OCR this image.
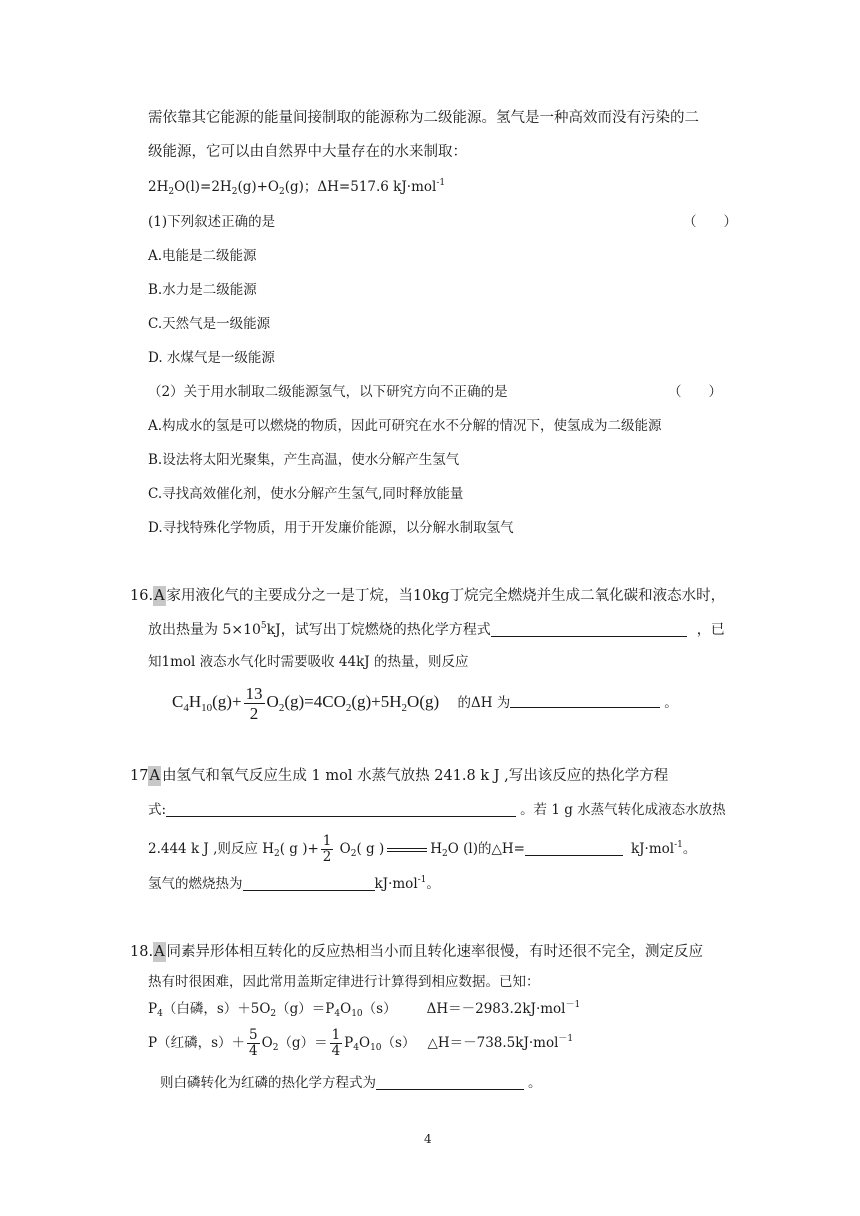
需依靠其它能源的能量间接制取的能源称为二级能源。氢气是一种高效而没有污染的二
级能源，它可以由自然界中大量存在的水来制取：
$2H_2O(l)=2H_2(g)+O_2(g)$；ΔH=517.6 kJ·mol$^{-1}$
(1)下列叙述正确的是	（　　）
A.电能是二级能源
B.水力是二级能源
C.天然气是一级能源
D. 水煤气是一级能源
（2）关于用水制取二级能源氢气，以下研究方向不正确的是	（　　）
A.构成水的氢是可以燃烧的物质，因此可研究在水不分解的情况下，使氢成为二级能源
B.设法将太阳光聚集，产生高温，使水分解产生氢气
C.寻找高效催化剂，使水分解产生氢气,同时释放能量
D.寻找特殊化学物质，用于开发廉价能源，以分解水制取氢气
16.A 家用液化气的主要成分之一是丁烷，当10kg丁烷完全燃烧并生成二氧化碳和液态水时，
放出热量为 $5\times 10^5kJ$，试写出丁烷燃烧的热化学方程式	，已
知1mol 液态水气化时需要吸收 44kJ 的热量，则反应
$C_4H_{10}(g)+ \frac{13}{2} O_2(g)=4CO_2(g)+5H_2O(g)$ 的ΔH 为	。
17A 由氢气和氧气反应生成 1 mol 水蒸气放热 241.8 k J ,写出该反应的热化学方程
式:	。若 1 g 水蒸气转化成液态水放热
2.444 k J ,则反应 $H_2$( g )+ $\frac{1}{2} O_2$( g )	$H_2O$ (l)的△H=	kJ·mol$^{-1}$。
氢气的燃烧热为	kJ·mol$^{-1}$。
18.A 同素异形体相互转化的反应热相当小而且转化速率很慢，有时还很不完全，测定反应
热有时很困难，因此常用盖斯定律进行计算得到相应数据。已知：
$P_4$（白磷，$s)+5O_2(g)=P_4O_{10}(s)$ ΔH＝－2983.2kJ·mol$^{-1}$
P（红磷，$s)+ \frac{5}{4} O_2(g)= \frac{1}{4} P_4O_{10}(s)$ △H＝－738.5kJ·mol$^{-1}$
则白磷转化为红磷的热化学方程式为	。
4
